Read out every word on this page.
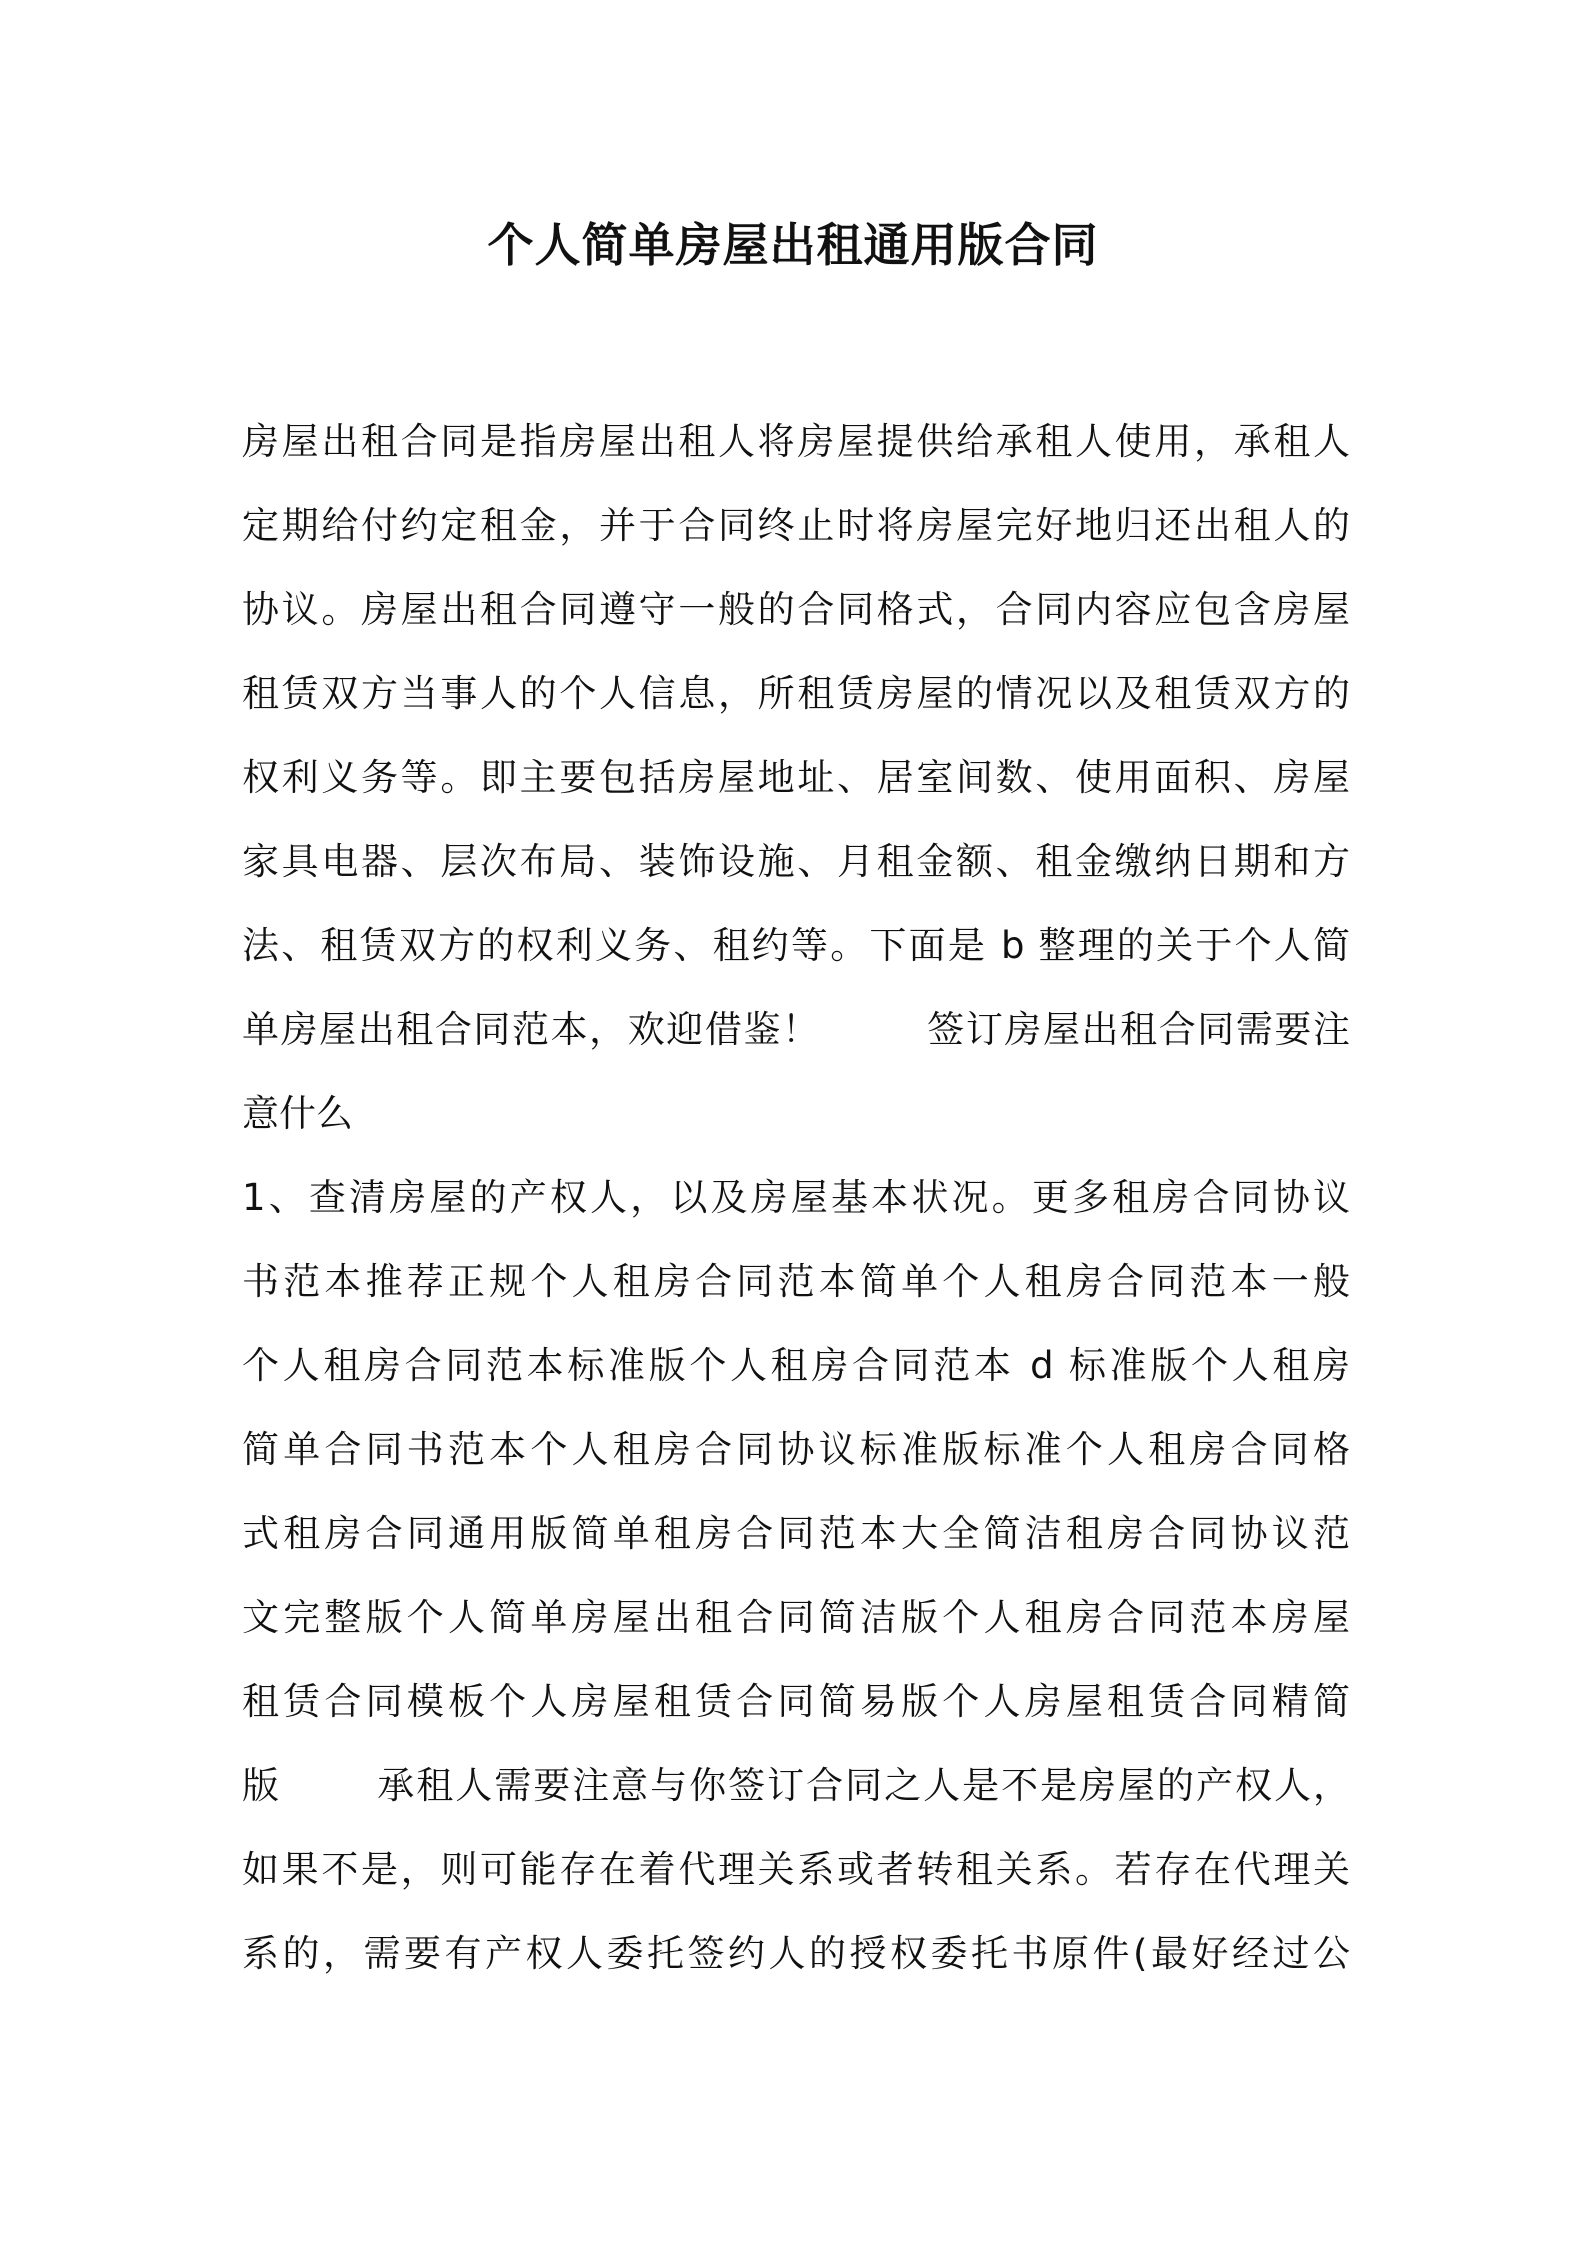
个人简单房屋出租通用版合同
房屋出租合同是指房屋出租人将房屋提供给承租人使用，承租人
定期给付约定租金，并于合同终止时将房屋完好地归还出租人的
协议。房屋出租合同遵守一般的合同格式，合同内容应包含房屋
租赁双方当事人的个人信息，所租赁房屋的情况以及租赁双方的
权利义务等。即主要包括房屋地址、居室间数、使用面积、房屋
家具电器、层次布局、装饰设施、月租金额、租金缴纳日期和方
法、租赁双方的权利义务、租约等。下面是 b 整理的关于个人简
单房屋出租合同范本，欢迎借鉴！        签订房屋出租合同需要注
意什么
1、查清房屋的产权人，以及房屋基本状况。更多租房合同协议
书范本推荐正规个人租房合同范本简单个人租房合同范本一般
个人租房合同范本标准版个人租房合同范本 d 标准版个人租房
简单合同书范本个人租房合同协议标准版标准个人租房合同格
式租房合同通用版简单租房合同范本大全简洁租房合同协议范
文完整版个人简单房屋出租合同简洁版个人租房合同范本房屋
租赁合同模板个人房屋租赁合同简易版个人房屋租赁合同精简
版       承租人需要注意与你签订合同之人是不是房屋的产权人，
如果不是，则可能存在着代理关系或者转租关系。若存在代理关
系的，需要有产权人委托签约人的授权委托书原件(最好经过公
